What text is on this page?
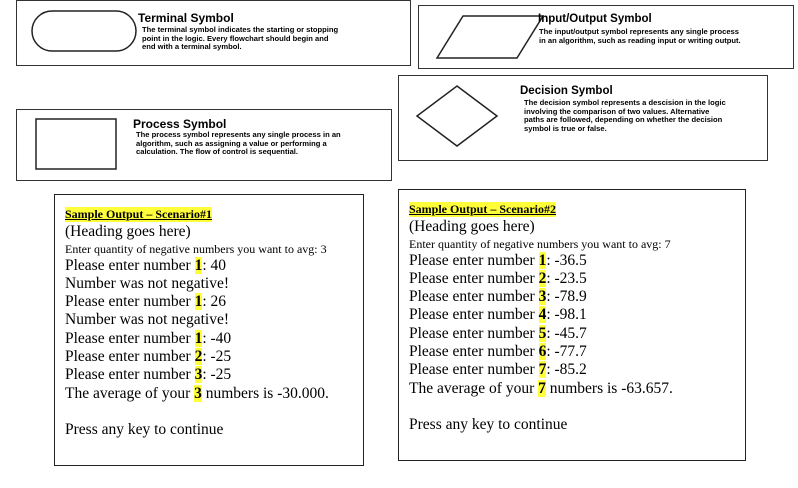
Terminal Symbol
The terminal symbol indicates the starting or stopping
point in the logic. Every flowchart should begin and
end with a terminal symbol.
Input/Output Symbol
The input/output symbol represents any single process
in an algorithm, such as reading input or writing output.
Decision Symbol
The decision symbol represents a descision in the logic
involving the comparison of two values. Alternative
paths are followed, depending on whether the decision
symbol is true or false.
Process Symbol
The process symbol represents any single process in an
algorithm, such as assigning a value or performing a
calculation. The flow of control is sequential.
Sample Output – Scenario#1
(Heading goes here)
Enter quantity of negative numbers you want to avg: 3
Please enter number 1: 40
Number was not negative!
Please enter number 1: 26
Number was not negative!
Please enter number 1: -40
Please enter number 2: -25
Please enter number 3: -25
The average of your 3 numbers is -30.000.
Press any key to continue
Sample Output – Scenario#2
(Heading goes here)
Enter quantity of negative numbers you want to avg: 7
Please enter number 1: -36.5
Please enter number 2: -23.5
Please enter number 3: -78.9
Please enter number 4: -98.1
Please enter number 5: -45.7
Please enter number 6: -77.7
Please enter number 7: -85.2
The average of your 7 numbers is -63.657.
Press any key to continue
